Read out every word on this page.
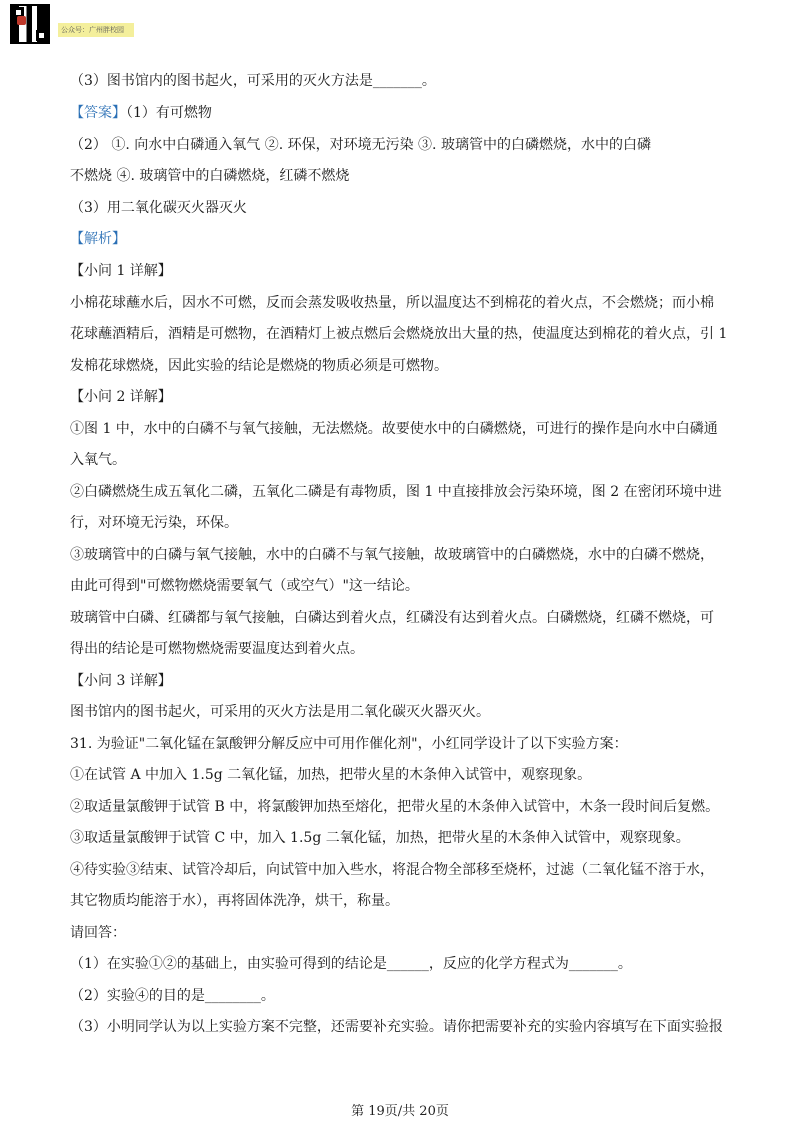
公众号：广州胖校园
（3）图书馆内的图书起火，可采用的灭火方法是_______。
【答案】（1）有可燃物
（2） ①. 向水中白磷通入氧气 ②. 环保，对环境无污染 ③. 玻璃管中的白磷燃烧，水中的白磷
不燃烧 ④. 玻璃管中的白磷燃烧，红磷不燃烧
（3）用二氧化碳灭火器灭火
【解析】
【小问 1 详解】
小棉花球蘸水后，因水不可燃，反而会蒸发吸收热量，所以温度达不到棉花的着火点，不会燃烧；而小棉
花球蘸酒精后，酒精是可燃物，在酒精灯上被点燃后会燃烧放出大量的热，使温度达到棉花的着火点，引 1
发棉花球燃烧，因此实验的结论是燃烧的物质必须是可燃物。
【小问 2 详解】
①图 1 中，水中的白磷不与氧气接触，无法燃烧。故要使水中的白磷燃烧，可进行的操作是向水中白磷通
入氧气。
②白磷燃烧生成五氧化二磷，五氧化二磷是有毒物质，图 1 中直接排放会污染环境，图 2 在密闭环境中进
行，对环境无污染，环保。
③玻璃管中的白磷与氧气接触，水中的白磷不与氧气接触，故玻璃管中的白磷燃烧，水中的白磷不燃烧，
由此可得到"可燃物燃烧需要氧气（或空气）"这一结论。
玻璃管中白磷、红磷都与氧气接触，白磷达到着火点，红磷没有达到着火点。白磷燃烧，红磷不燃烧，可
得出的结论是可燃物燃烧需要温度达到着火点。
【小问 3 详解】
图书馆内的图书起火，可采用的灭火方法是用二氧化碳灭火器灭火。
31. 为验证"二氧化锰在氯酸钾分解反应中可用作催化剂"，小红同学设计了以下实验方案：
①在试管 A 中加入 1.5g 二氧化锰，加热，把带火星的木条伸入试管中，观察现象。
②取适量氯酸钾于试管 B 中，将氯酸钾加热至熔化，把带火星的木条伸入试管中，木条一段时间后复燃。
③取适量氯酸钾于试管 C 中，加入 1.5g 二氧化锰，加热，把带火星的木条伸入试管中，观察现象。
④待实验③结束、试管冷却后，向试管中加入些水，将混合物全部移至烧杯，过滤（二氧化锰不溶于水，
其它物质均能溶于水），再将固体洗净，烘干，称量。
请回答：
（1）在实验①②的基础上，由实验可得到的结论是______，反应的化学方程式为_______。
（2）实验④的目的是________。
（3）小明同学认为以上实验方案不完整，还需要补充实验。请你把需要补充的实验内容填写在下面实验报
第 19页/共 20页
